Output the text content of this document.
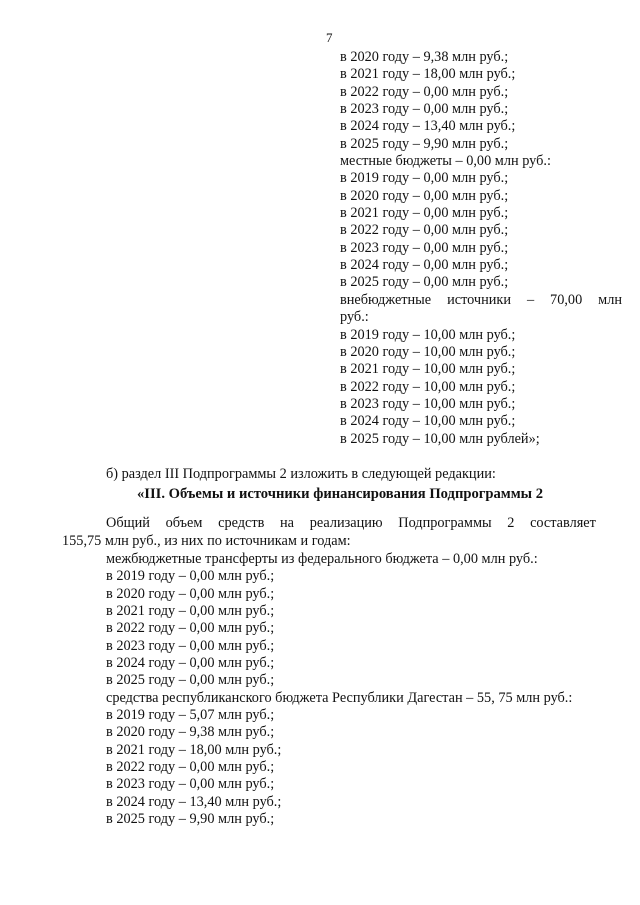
7
в 2020 году – 9,38 млн руб.;
в 2021 году – 18,00 млн руб.;
в 2022 году – 0,00 млн руб.;
в 2023 году – 0,00 млн руб.;
в 2024 году – 13,40 млн руб.;
в 2025 году – 9,90 млн руб.;
местные бюджеты – 0,00 млн руб.:
в 2019 году – 0,00 млн руб.;
в 2020 году – 0,00 млн руб.;
в 2021 году – 0,00 млн руб.;
в 2022 году – 0,00 млн руб.;
в 2023 году – 0,00 млн руб.;
в 2024 году – 0,00 млн руб.;
в 2025 году – 0,00 млн руб.;
внебюджетные источники – 70,00 млн
руб.:
в 2019 году – 10,00 млн руб.;
в 2020 году – 10,00 млн руб.;
в 2021 году – 10,00 млн руб.;
в 2022 году – 10,00 млн руб.;
в 2023 году – 10,00 млн руб.;
в 2024 году – 10,00 млн руб.;
в 2025 году – 10,00 млн рублей»;
б) раздел III Подпрограммы 2 изложить в следующей редакции:
«III. Объемы и источники финансирования Подпрограммы 2
Общий объем средств на реализацию Подпрограммы 2 составляет
155,75 млн руб., из них по источникам и годам:
межбюджетные трансферты из федерального бюджета – 0,00 млн руб.:
в 2019 году – 0,00 млн руб.;
в 2020 году – 0,00 млн руб.;
в 2021 году – 0,00 млн руб.;
в 2022 году – 0,00 млн руб.;
в 2023 году – 0,00 млн руб.;
в 2024 году – 0,00 млн руб.;
в 2025 году – 0,00 млн руб.;
средства республиканского бюджета Республики Дагестан – 55, 75 млн руб.:
в 2019 году – 5,07 млн руб.;
в 2020 году – 9,38 млн руб.;
в 2021 году – 18,00 млн руб.;
в 2022 году – 0,00 млн руб.;
в 2023 году – 0,00 млн руб.;
в 2024 году – 13,40 млн руб.;
в 2025 году – 9,90 млн руб.;
